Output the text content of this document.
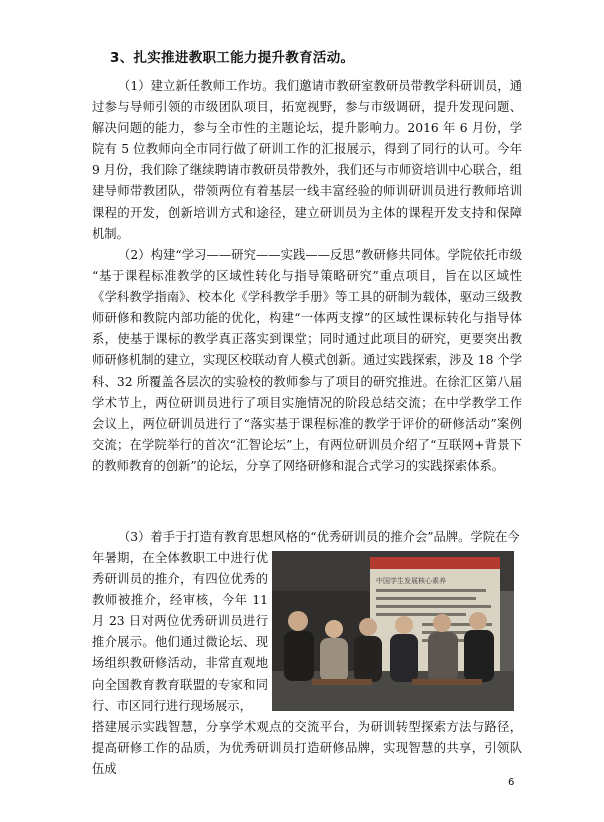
3、扎实推进教职工能力提升教育活动。

（1）建立新任教师工作坊。我们邀请市教研室教研员带教学科研训员，通过参与导师引领的市级团队项目，拓宽视野，参与市级调研，提升发现问题、解决问题的能力，参与全市性的主题论坛，提升影响力。2016 年 6 月份，学院有 5 位教师向全市同行做了研训工作的汇报展示，得到了同行的认可。今年 9 月份，我们除了继续聘请市教研员带教外，我们还与市师资培训中心联合，组建导师带教团队，带领两位有着基层一线丰富经验的师训研训员进行教师培训课程的开发，创新培训方式和途径，建立研训员为主体的课程开发支持和保障机制。

（2）构建“学习——研究——实践——反思”教研修共同体。学院依托市级 “基于课程标准教学的区域性转化与指导策略研究”重点项目，旨在以区域性《学科教学指南》、校本化《学科教学手册》等工具的研制为载体，驱动三级教师研修和教院内部功能的优化，构建“一体两支撑”的区域性课标转化与指导体系，使基于课标的教学真正落实到课堂；同时通过此项目的研究，更要突出教师研修机制的建立，实现区校联动育人模式创新。通过实践探索，涉及 18 个学科、32 所覆盖各层次的实验校的教师参与了项目的研究推进。在徐汇区第八届学术节上，两位研训员进行了项目实施情况的阶段总结交流；在中学教学工作会议上，两位研训员进行了“落实基于课程标准的教学于评价的研修活动”案例交流；在学院举行的首次“汇智论坛”上，有两位研训员介绍了“互联网+背景下的教师教育的创新”的论坛，分享了网络研修和混合式学习的实践探索体系。

（3）着手于打造有教育思想风格的“优秀研训员的推介会”品牌。学院在今

年暑期，在全体教职工中进行优秀研训员的推介，有四位优秀的教师被推介，经审核，今年 11 月 23 日对两位优秀研训员进行推介展示。他们通过微论坛、现场组织教研修活动，非常直观地向全国教育教育联盟的专家和同行、市区同行进行现场展示，

中国学生发展核心素养

搭建展示实践智慧，分享学术观点的交流平台，为研训转型探索方法与路径，提高研修工作的品质，为优秀研训员打造研修品牌，实现智慧的共享，引领队伍成

6
